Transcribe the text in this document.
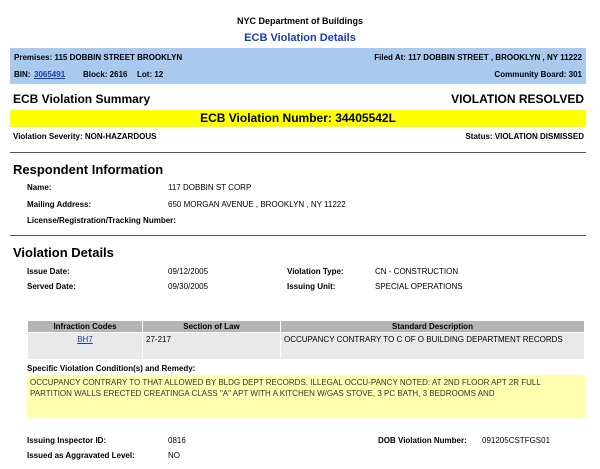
NYC Department of Buildings
ECB Violation Details
Premises: 115 DOBBIN STREET BROOKLYN	Filed At: 117 DOBBIN STREET , BROOKLYN , NY 11222
BIN: 3065491 Block: 2616 Lot: 12	Community Board: 301
ECB Violation Summary	VIOLATION RESOLVED
ECB Violation Number: 34405542L
Violation Severity: NON-HAZARDOUS	Status: VIOLATION DISMISSED
Respondent Information
Name:	117 DOBBIN ST CORP
Mailing Address:	650 MORGAN AVENUE , BROOKLYN , NY 11222
License/Registration/Tracking Number:
Violation Details
Issue Date:	09/12/2005	Violation Type:	CN - CONSTRUCTION
Served Date:	09/30/2005	Issuing Unit:	SPECIAL OPERATIONS
Infraction Codes	Section of Law	Standard Description
BH7	27-217	OCCUPANCY CONTRARY TO C OF O BUILDING DEPARTMENT RECORDS
Specific Violation Condition(s) and Remedy:
OCCUPANCY CONTRARY TO THAT ALLOWED BY BLDG DEPT RECORDS. ILLEGAL OCCU-PANCY NOTED: AT 2ND FLOOR APT 2R FULL PARTITION WALLS ERECTED CREATINGA CLASS "A" APT WITH A KITCHEN W/GAS STOVE, 3 PC BATH, 3 BEDROOMS AND
Issuing Inspector ID:	0816
Issued as Aggravated Level:	NO
DOB Violation Number: 091205CSTFGS01
